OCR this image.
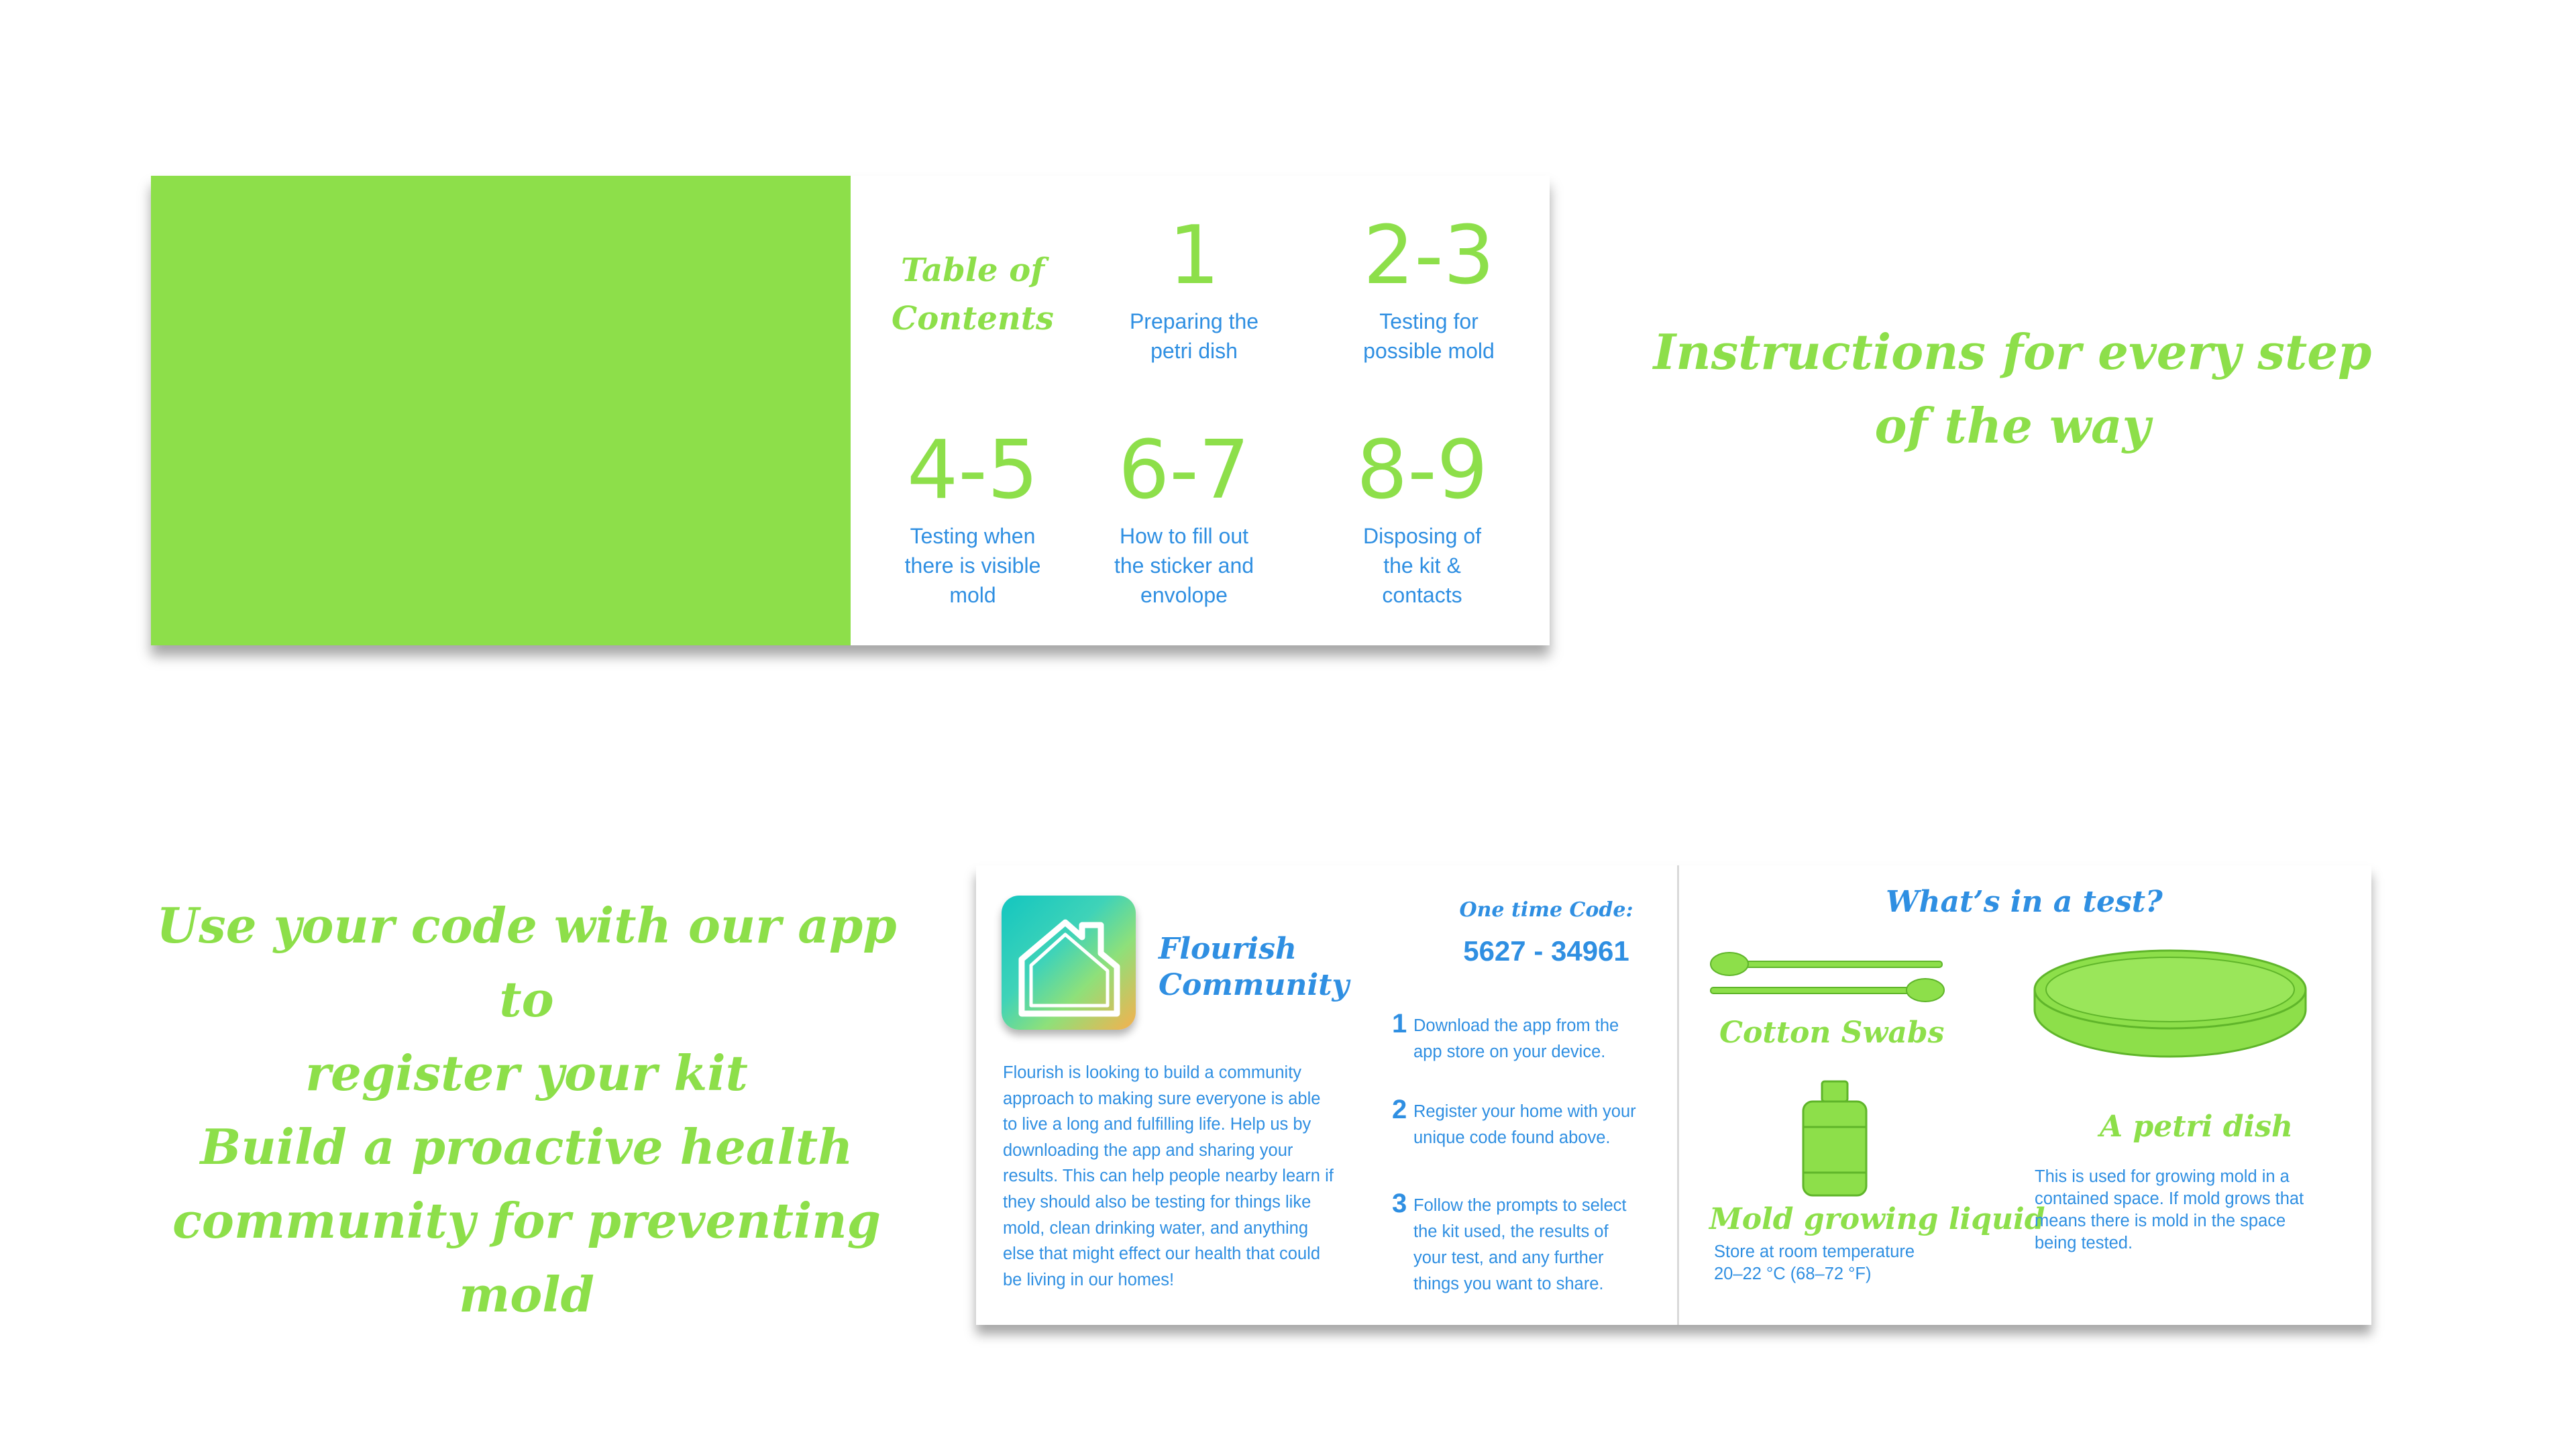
Table of
Contents
1
Preparing the
petri dish
2-3
Testing for
possible mold
4-5
Testing when
there is visible
mold
6-7
How to fill out
the sticker and
envolope
8-9
Disposing of
the kit &
contacts
Instructions for every step
of the way
Use your code with our app to
register your kit
Build a proactive health
community for preventing mold
Flourish
Community
Flourish is looking to build a community
approach to making sure everyone is able
to live a long and fulfilling life. Help us by
downloading the app and sharing your
results. This can help people nearby learn if
they should also be testing for things like
mold, clean drinking water, and anything
else that might effect our health that could
be living in our homes!
One time Code:
5627 - 34961
1 Download the app from the
app store on your device.
2 Register your home with your
unique code found above.
3 Follow the prompts to select
the kit used, the results of
your test, and any further
things you want to share.
What’s in a test?
Cotton Swabs
Mold growing liquid
Store at room temperature
20–22 °C (68–72 °F)
A petri dish
This is used for growing mold in a
contained space. If mold grows that
means there is mold in the space
being tested.
